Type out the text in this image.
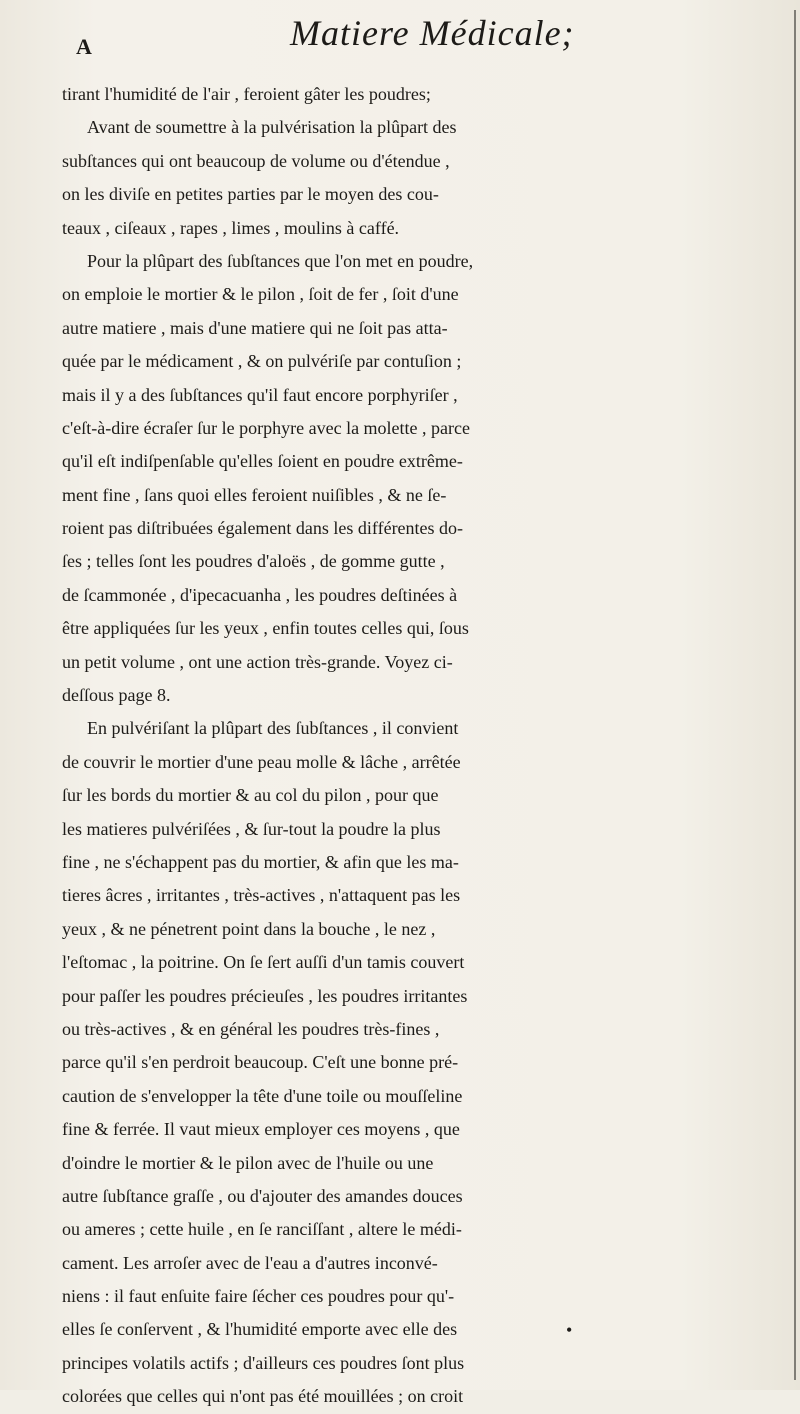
A	Matiere Médicale;
tirant l'humidité de l'air , feroient gâter les poudres;
Avant de soumettre à la pulvérisation la plûpart des
subſtances qui ont beaucoup de volume ou d'étendue ,
on les diviſe en petites parties par le moyen des cou-
teaux , ciſeaux , rapes , limes , moulins à caffé.
Pour la plûpart des ſubſtances que l'on met en poudre,
on emploie le mortier & le pilon , ſoit de fer , ſoit d'une
autre matiere , mais d'une matiere qui ne ſoit pas atta-
quée par le médicament , & on pulvériſe par contuſion ;
mais il y a des ſubſtances qu'il faut encore porphyriſer ,
c'eſt-à-dire écraſer ſur le porphyre avec la molette , parce
qu'il eſt indiſpenſable qu'elles ſoient en poudre extrême-
ment fine , ſans quoi elles feroient nuiſibles , & ne ſe-
roient pas diſtribuées également dans les différentes do-
ſes ; telles ſont les poudres d'aloës , de gomme gutte ,
de ſcammonée , d'ipecacuanha , les poudres deſtinées à
être appliquées ſur les yeux , enfin toutes celles qui, ſous
un petit volume , ont une action très-grande. Voyez ci-
deſſous page 8.
En pulvériſant la plûpart des ſubſtances , il convient
de couvrir le mortier d'une peau molle & lâche , arrêtée
ſur les bords du mortier & au col du pilon , pour que
les matieres pulvériſées , & ſur-tout la poudre la plus
fine , ne s'échappent pas du mortier, & afin que les ma-
tieres âcres , irritantes , très-actives , n'attaquent pas les
yeux , & ne pénetrent point dans la bouche , le nez ,
l'eſtomac , la poitrine. On ſe ſert auſſi d'un tamis couvert
pour paſſer les poudres précieuſes , les poudres irritantes
ou très-actives , & en général les poudres très-fines ,
parce qu'il s'en perdroit beaucoup. C'eſt une bonne pré-
caution de s'envelopper la tête d'une toile ou mouſſeline
fine & ferrée. Il vaut mieux employer ces moyens , que
d'oindre le mortier & le pilon avec de l'huile ou une
autre ſubſtance graſſe , ou d'ajouter des amandes douces
ou ameres ; cette huile , en ſe ranciſſant , altere le médi-
cament. Les arroſer avec de l'eau a d'autres inconvé-
niens : il faut enſuite faire ſécher ces poudres pour qu'-
elles ſe conſervent , & l'humidité emporte avec elle des
principes volatils actifs ; d'ailleurs ces poudres ſont plus
colorées que celles qui n'ont pas été mouillées ; on croit
•
